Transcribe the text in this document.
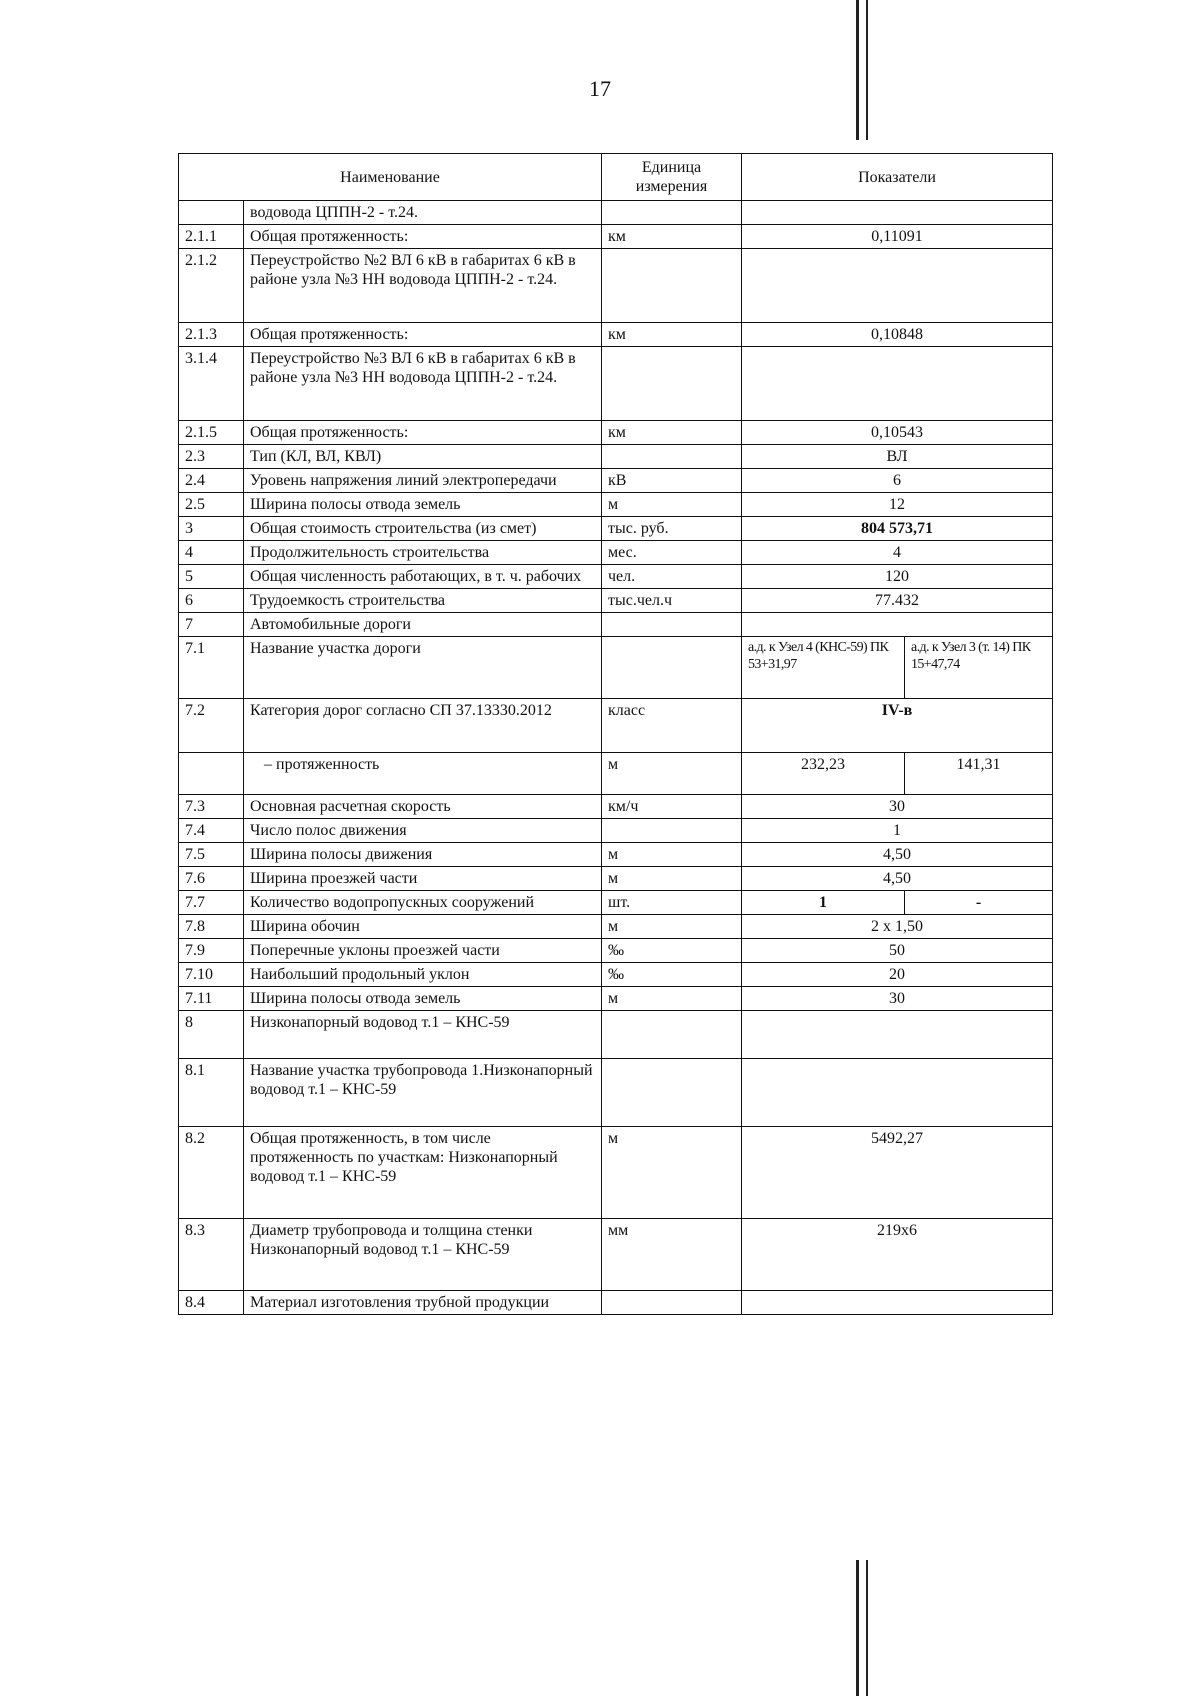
17
Наименование		Единица измерения	Показатели	
	водовода ЦППН-2 - т.24.			
2.1.1	Общая протяженность:	км	0,11091	
2.1.2	Переустройство №2 ВЛ 6 кВ в габаритах 6 кВ в районе узла №3 НН водовода ЦППН-2 - т.24.			
2.1.3	Общая протяженность:	км	0,10848	
3.1.4	Переустройство №3 ВЛ 6 кВ в габаритах 6 кВ в районе узла №3 НН водовода ЦППН-2 - т.24.			
2.1.5	Общая протяженность:	км	0,10543	
2.3	Тип (КЛ, ВЛ, КВЛ)		ВЛ	
2.4	Уровень напряжения линий электропередачи	кВ	6	
2.5	Ширина полосы отвода земель	м	12	
3	Общая стоимость строительства (из смет)	тыс. руб.	804 573,71	
4	Продолжительность строительства	мес.	4	
5	Общая численность работающих, в т. ч. рабочих	чел.	120	
6	Трудоемкость строительства	тыс.чел.ч	77.432	
7	Автомобильные дороги			
7.1	Название участка дороги		а.д. к Узел 4 (КНС-59) ПК 53+31,97	а.д. к Узел 3 (т. 14) ПК 15+47,74
7.2	Категория дорог согласно СП 37.13330.2012	класс	IV-в	
	– протяженность	м	232,23	141,31
7.3	Основная расчетная скорость	км/ч	30	
7.4	Число полос движения		1	
7.5	Ширина полосы движения	м	4,50	
7.6	Ширина проезжей части	м	4,50	
7.7	Количество водопропускных сооружений	шт.	1	-
7.8	Ширина обочин	м	2 х 1,50	
7.9	Поперечные уклоны проезжей части	‰	50	
7.10	Наибольший продольный уклон	‰	20	
7.11	Ширина полосы отвода земель	м	30	
8	Низконапорный водовод т.1 – КНС-59			
8.1	Название участка трубопровода 1.Низконапорный водовод т.1 – КНС-59			
8.2	Общая протяженность, в том числе протяженность по участкам: Низконапорный водовод т.1 – КНС-59	м	5492,27	
8.3	Диаметр трубопровода и толщина стенки Низконапорный водовод т.1 – КНС-59	мм	219х6	
8.4	Материал изготовления трубной продукции			
